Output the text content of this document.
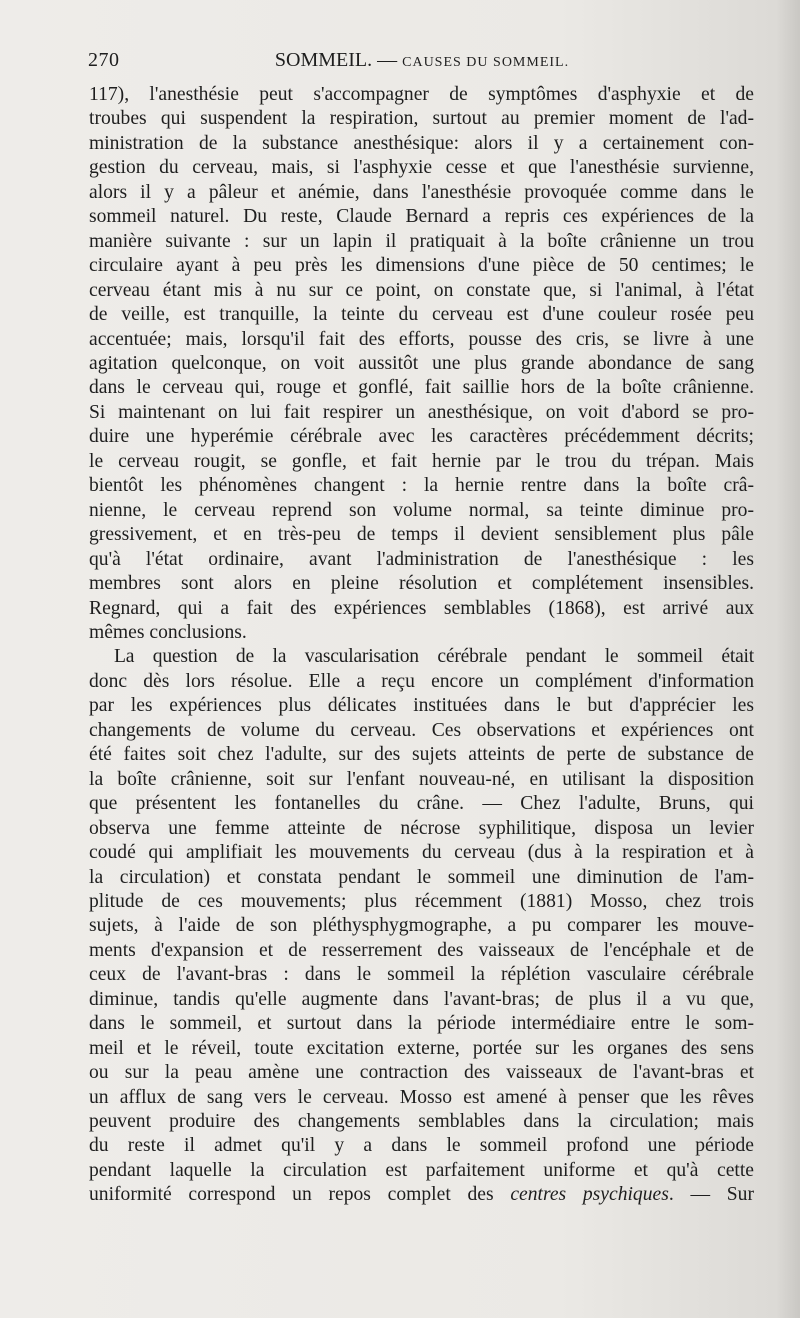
270	SOMMEIL. — CAUSES DU SOMMEIL.
117), l'anesthésie peut s'accompagner de symptômes d'asphyxie et de
troubes qui suspendent la respiration, surtout au premier moment de l'ad-
ministration de la substance anesthésique: alors il y a certainement con-
gestion du cerveau, mais, si l'asphyxie cesse et que l'anesthésie survienne,
alors il y a pâleur et anémie, dans l'anesthésie provoquée comme dans le
sommeil naturel. Du reste, Claude Bernard a repris ces expériences de la
manière suivante : sur un lapin il pratiquait à la boîte crânienne un trou
circulaire ayant à peu près les dimensions d'une pièce de 50 centimes; le
cerveau étant mis à nu sur ce point, on constate que, si l'animal, à l'état
de veille, est tranquille, la teinte du cerveau est d'une couleur rosée peu
accentuée; mais, lorsqu'il fait des efforts, pousse des cris, se livre à une
agitation quelconque, on voit aussitôt une plus grande abondance de sang
dans le cerveau qui, rouge et gonflé, fait saillie hors de la boîte crânienne.
Si maintenant on lui fait respirer un anesthésique, on voit d'abord se pro-
duire une hyperémie cérébrale avec les caractères précédemment décrits;
le cerveau rougit, se gonfle, et fait hernie par le trou du trépan. Mais
bientôt les phénomènes changent : la hernie rentre dans la boîte crâ-
nienne, le cerveau reprend son volume normal, sa teinte diminue pro-
gressivement, et en très-peu de temps il devient sensiblement plus pâle
qu'à l'état ordinaire, avant l'administration de l'anesthésique : les
membres sont alors en pleine résolution et complétement insensibles.
Regnard, qui a fait des expériences semblables (1868), est arrivé aux
mêmes conclusions.
La question de la vascularisation cérébrale pendant le sommeil était
donc dès lors résolue. Elle a reçu encore un complément d'information
par les expériences plus délicates instituées dans le but d'apprécier les
changements de volume du cerveau. Ces observations et expériences ont
été faites soit chez l'adulte, sur des sujets atteints de perte de substance de
la boîte crânienne, soit sur l'enfant nouveau-né, en utilisant la disposition
que présentent les fontanelles du crâne. — Chez l'adulte, Bruns, qui
observa une femme atteinte de nécrose syphilitique, disposa un levier
coudé qui amplifiait les mouvements du cerveau (dus à la respiration et à
la circulation) et constata pendant le sommeil une diminution de l'am-
plitude de ces mouvements; plus récemment (1881) Mosso, chez trois
sujets, à l'aide de son pléthysphygmographe, a pu comparer les mouve-
ments d'expansion et de resserrement des vaisseaux de l'encéphale et de
ceux de l'avant-bras : dans le sommeil la réplétion vasculaire cérébrale
diminue, tandis qu'elle augmente dans l'avant-bras; de plus il a vu que,
dans le sommeil, et surtout dans la période intermédiaire entre le som-
meil et le réveil, toute excitation externe, portée sur les organes des sens
ou sur la peau amène une contraction des vaisseaux de l'avant-bras et
un afflux de sang vers le cerveau. Mosso est amené à penser que les rêves
peuvent produire des changements semblables dans la circulation; mais
du reste il admet qu'il y a dans le sommeil profond une période
pendant laquelle la circulation est parfaitement uniforme et qu'à cette
uniformité correspond un repos complet des centres psychiques. — Sur
